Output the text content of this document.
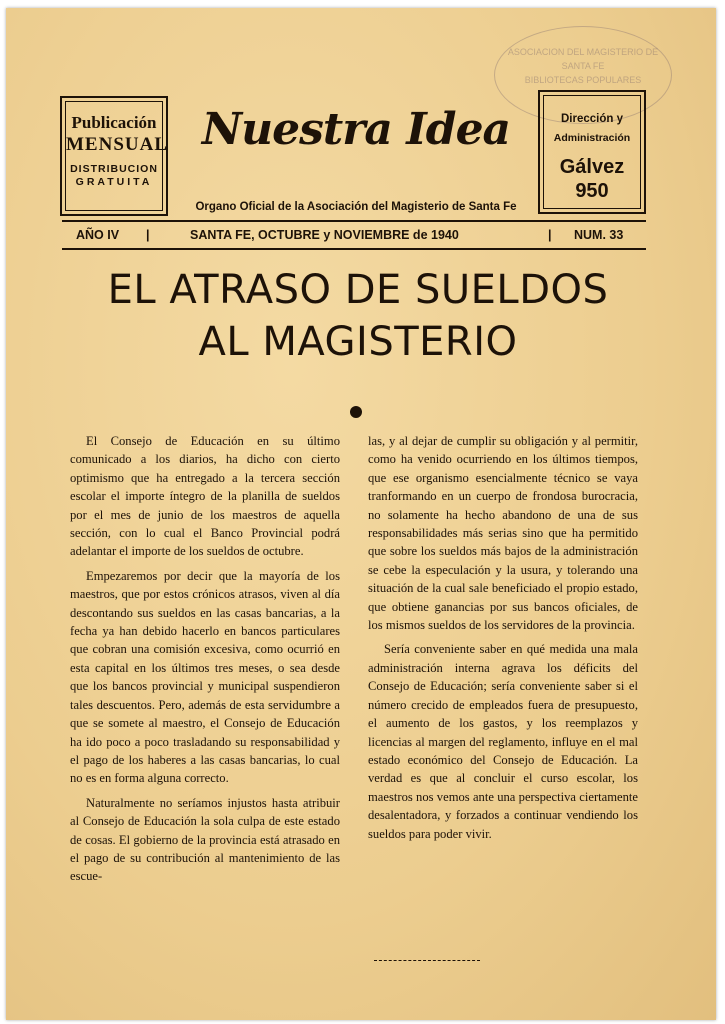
ASOCIACION DEL MAGISTERIO DE SANTA FE
BIBLIOTECAS POPULARES
Publicación
MENSUAL
DISTRIBUCION
GRATUITA
Nuestra Idea
Organo Oficial de la Asociación del Magisterio de Santa Fe
Dirección y
Administración
Gálvez 950
AÑO IV |	SANTA FE, OCTUBRE y NOVIEMBRE de 1940	| NUM. 33
EL ATRASO DE SUELDOS
AL MAGISTERIO

El Consejo de Educación en su último comunicado a los diarios, ha dicho con cierto optimismo que ha entregado a la tercera sección escolar el importe íntegro de la planilla de sueldos por el mes de junio de los maestros de aquella sección, con lo cual el Banco Provincial podrá adelantar el importe de los sueldos de octubre.

Empezaremos por decir que la mayoría de los maestros, que por estos crónicos atrasos, viven al día descontando sus sueldos en las casas bancarias, a la fecha ya han debido hacerlo en bancos particulares que cobran una comisión excesiva, como ocurrió en esta capital en los últimos tres meses, o sea desde que los bancos provincial y municipal suspendieron tales descuentos. Pero, además de esta servidumbre a que se somete al maestro, el Consejo de Educación ha ido poco a poco trasladando su responsabilidad y el pago de los haberes a las casas bancarias, lo cual no es en forma alguna correcto.

Naturalmente no seríamos injustos hasta atribuir al Consejo de Educación la sola culpa de este estado de cosas. El gobierno de la provincia está atrasado en el pago de su contribución al mantenimiento de las escue-

las, y al dejar de cumplir su obligación y al permitir, como ha venido ocurriendo en los últimos tiempos, que ese organismo esencialmente técnico se vaya tranformando en un cuerpo de frondosa burocracia, no solamente ha hecho abandono de una de sus responsabilidades más serias sino que ha permitido que sobre los sueldos más bajos de la administración se cebe la especulación y la usura, y tolerando una situación de la cual sale beneficiado el propio estado, que obtiene ganancias por sus bancos oficiales, de los mismos sueldos de los servidores de la provincia.

Sería conveniente saber en qué medida una mala administración interna agrava los déficits del Consejo de Educación; sería conveniente saber si el número crecido de empleados fuera de presupuesto, el aumento de los gastos, y los reemplazos y licencias al margen del reglamento, influye en el mal estado económico del Consejo de Educación. La verdad es que al concluir el curso escolar, los maestros nos vemos ante una perspectiva ciertamente desalentadora, y forzados a continuar vendiendo los sueldos para poder vivir.
